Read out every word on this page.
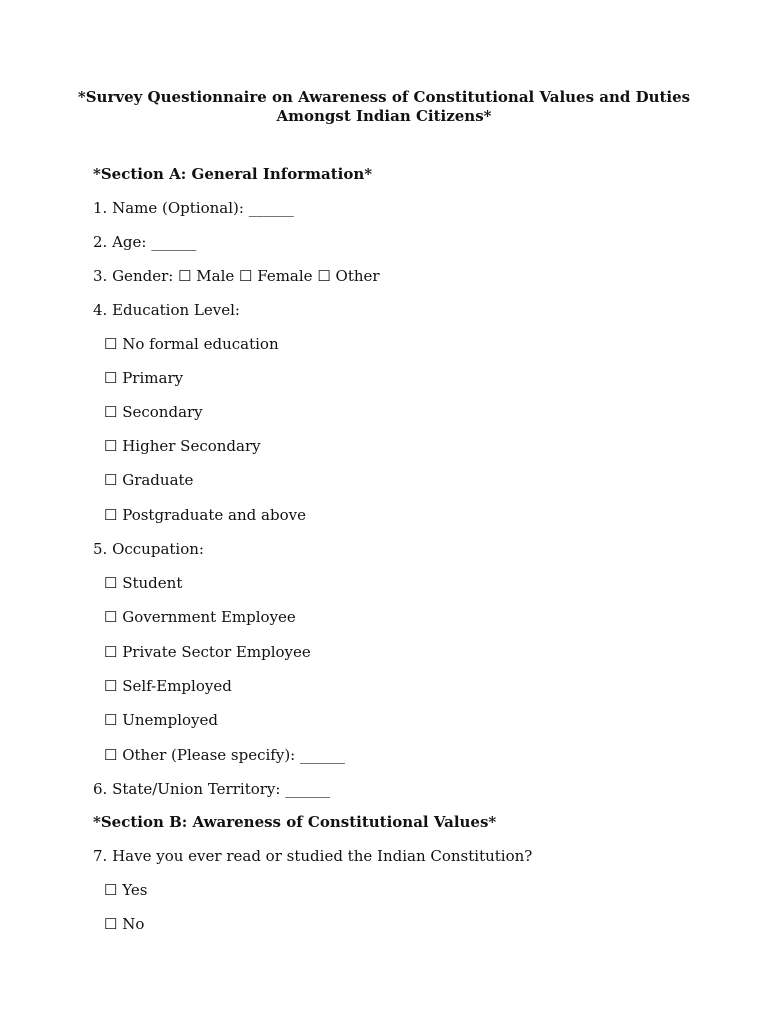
*Survey Questionnaire on Awareness of Constitutional Values and Duties
Amongst Indian Citizens*
*Section A: General Information*
1. Name (Optional): ______
2. Age: ______
3. Gender: ☐ Male ☐ Female ☐ Other
4. Education Level:
☐ No formal education
☐ Primary
☐ Secondary
☐ Higher Secondary
☐ Graduate
☐ Postgraduate and above
5. Occupation:
☐ Student
☐ Government Employee
☐ Private Sector Employee
☐ Self-Employed
☐ Unemployed
☐ Other (Please specify): ______
6. State/Union Territory: ______
*Section B: Awareness of Constitutional Values*
7. Have you ever read or studied the Indian Constitution?
☐ Yes
☐ No
